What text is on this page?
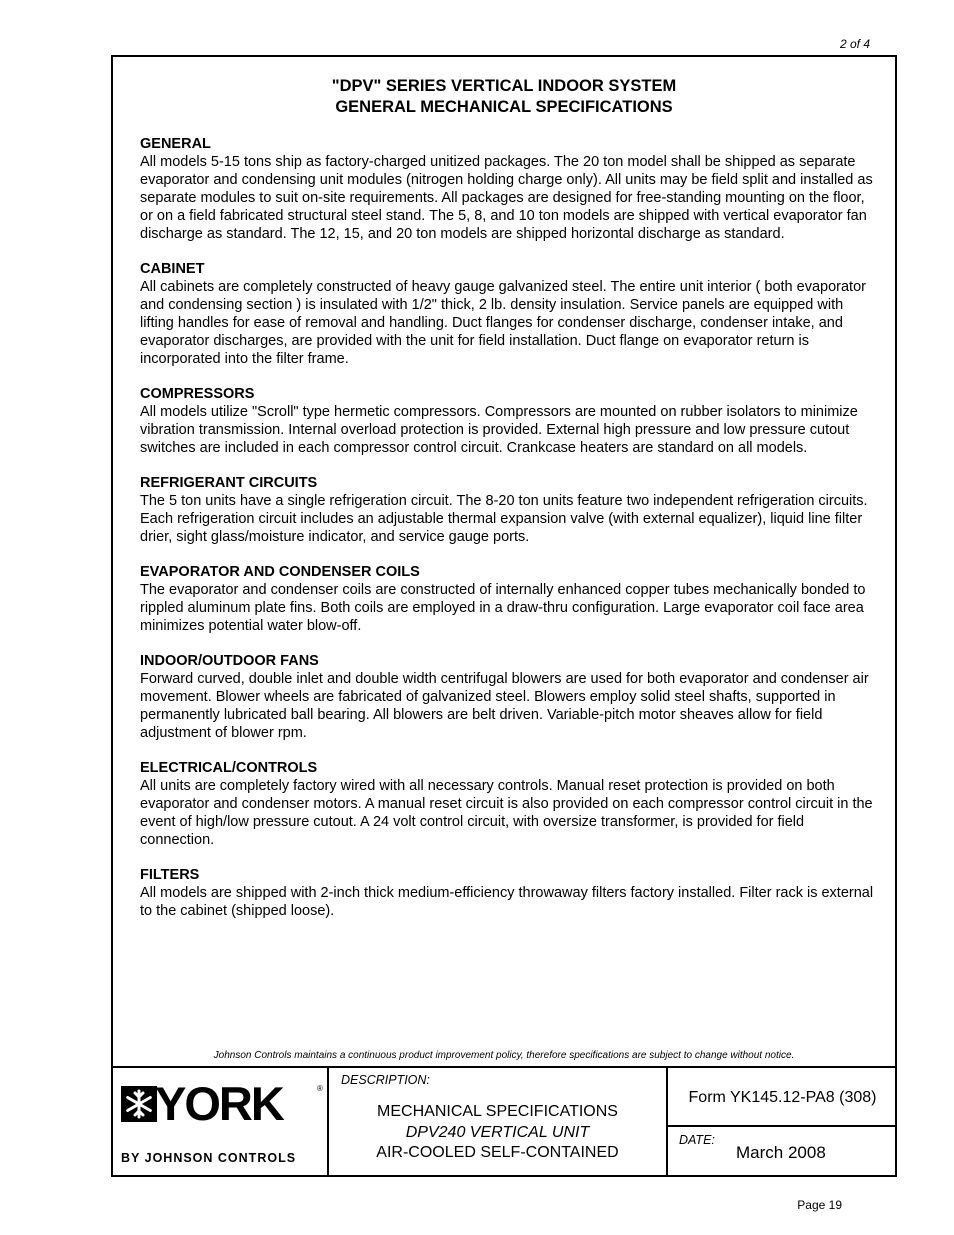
2 of 4
"DPV" SERIES VERTICAL INDOOR SYSTEM
GENERAL MECHANICAL SPECIFICATIONS
GENERAL

All models 5-15 tons ship as factory-charged unitized packages. The 20 ton model shall be shipped as separate evaporator and condensing unit modules (nitrogen holding charge only). All units may be field split and installed as separate modules to suit on-site requirements. All packages are designed for free-standing mounting on the floor, or on a field fabricated structural steel stand. The 5, 8, and 10 ton models are shipped with vertical evaporator fan discharge as standard. The 12, 15, and 20 ton models are shipped horizontal discharge as standard.

CABINET

All cabinets are completely constructed of heavy gauge galvanized steel. The entire unit interior ( both evaporator and condensing section ) is insulated with 1/2" thick, 2 lb. density insulation. Service panels are equipped with lifting handles for ease of removal and handling. Duct flanges for condenser discharge, condenser intake, and evaporator discharges, are provided with the unit for field installation. Duct flange on evaporator return is incorporated into the filter frame.

COMPRESSORS

All models utilize "Scroll" type hermetic compressors. Compressors are mounted on rubber isolators to minimize vibration transmission. Internal overload protection is provided. External high pressure and low pressure cutout switches are included in each compressor control circuit. Crankcase heaters are standard on all models.

REFRIGERANT CIRCUITS

The 5 ton units have a single refrigeration circuit. The 8-20 ton units feature two independent refrigeration circuits. Each refrigeration circuit includes an adjustable thermal expansion valve (with external equalizer), liquid line filter drier, sight glass/moisture indicator, and service gauge ports.

EVAPORATOR AND CONDENSER COILS

The evaporator and condenser coils are constructed of internally enhanced copper tubes mechanically bonded to rippled aluminum plate fins. Both coils are employed in a draw-thru configuration. Large evaporator coil face area minimizes potential water blow-off.

INDOOR/OUTDOOR FANS

Forward curved, double inlet and double width centrifugal blowers are used for both evaporator and condenser air movement. Blower wheels are fabricated of galvanized steel. Blowers employ solid steel shafts, supported in permanently lubricated ball bearing. All blowers are belt driven. Variable-pitch motor sheaves allow for field adjustment of blower rpm.

ELECTRICAL/CONTROLS

All units are completely factory wired with all necessary controls. Manual reset protection is provided on both evaporator and condenser motors. A manual reset circuit is also provided on each compressor control circuit in the event of high/low pressure cutout. A 24 volt control circuit, with oversize transformer, is provided for field connection.

FILTERS

All models are shipped with 2-inch thick medium-efficiency throwaway filters factory installed. Filter rack is external to the cabinet (shipped loose).

Johnson Controls maintains a continuous product improvement policy, therefore specifications are subject to change without notice.
YORK	®
BY JOHNSON CONTROLS
DESCRIPTION:
MECHANICAL SPECIFICATIONS
DPV240 VERTICAL UNIT
AIR-COOLED SELF-CONTAINED
Form YK145.12-PA8 (308)
DATE:
March 2008
Page 19
